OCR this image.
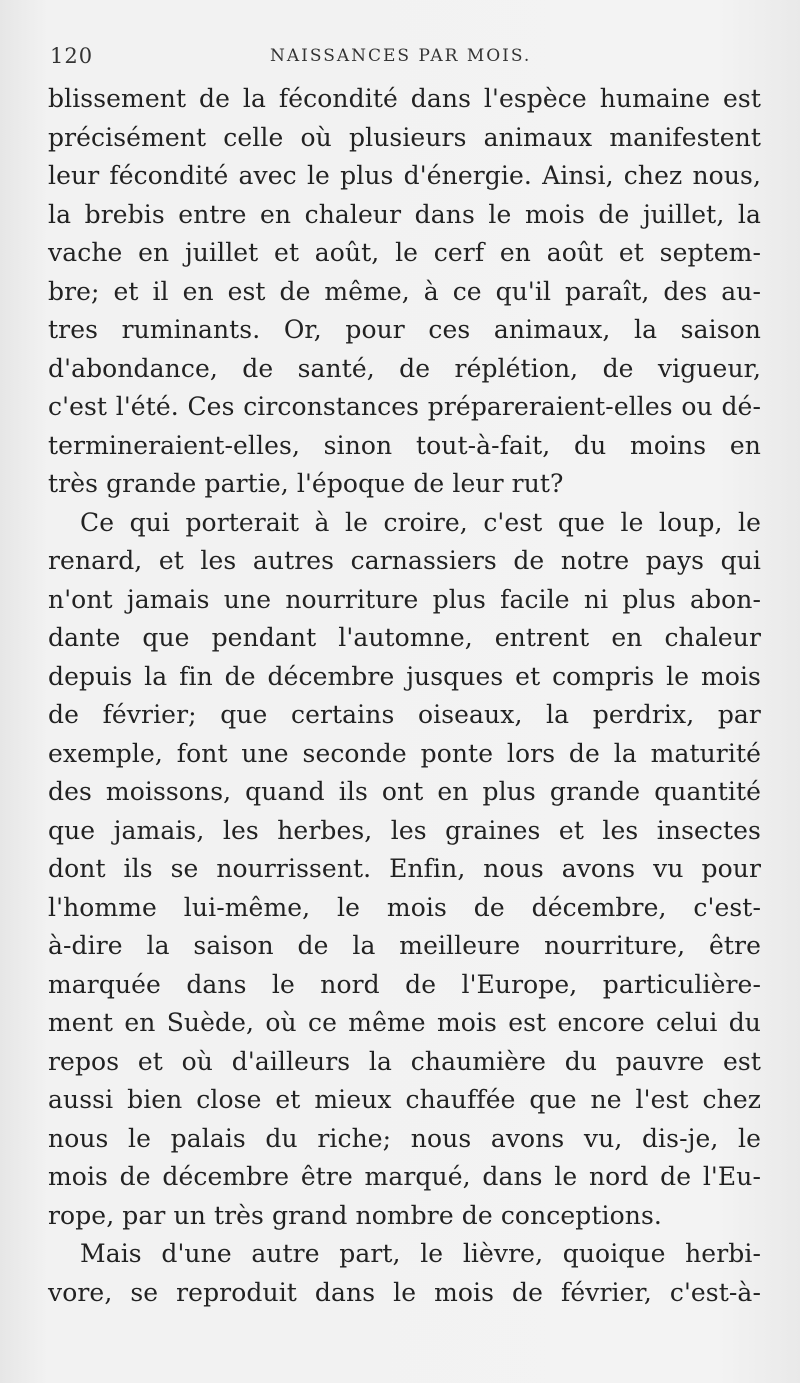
120	NAISSANCES PAR MOIS.
blissement de la fécondité dans l'espèce humaine est
précisément celle où plusieurs animaux manifestent
leur fécondité avec le plus d'énergie. Ainsi, chez nous,
la brebis entre en chaleur dans le mois de juillet, la
vache en juillet et août, le cerf en août et septem-
bre; et il en est de même, à ce qu'il paraît, des au-
tres ruminants. Or, pour ces animaux, la saison
d'abondance, de santé, de réplétion, de vigueur,
c'est l'été. Ces circonstances prépareraient-elles ou dé-
termineraient-elles, sinon tout-à-fait, du moins en
très grande partie, l'époque de leur rut?
Ce qui porterait à le croire, c'est que le loup, le
renard, et les autres carnassiers de notre pays qui
n'ont jamais une nourriture plus facile ni plus abon-
dante que pendant l'automne, entrent en chaleur
depuis la fin de décembre jusques et compris le mois
de février; que certains oiseaux, la perdrix, par
exemple, font une seconde ponte lors de la maturité
des moissons, quand ils ont en plus grande quantité
que jamais, les herbes, les graines et les insectes
dont ils se nourrissent. Enfin, nous avons vu pour
l'homme lui-même, le mois de décembre, c'est-
à-dire la saison de la meilleure nourriture, être
marquée dans le nord de l'Europe, particulière-
ment en Suède, où ce même mois est encore celui du
repos et où d'ailleurs la chaumière du pauvre est
aussi bien close et mieux chauffée que ne l'est chez
nous le palais du riche; nous avons vu, dis-je, le
mois de décembre être marqué, dans le nord de l'Eu-
rope, par un très grand nombre de conceptions.
Mais d'une autre part, le lièvre, quoique herbi-
vore, se reproduit dans le mois de février, c'est-à-
